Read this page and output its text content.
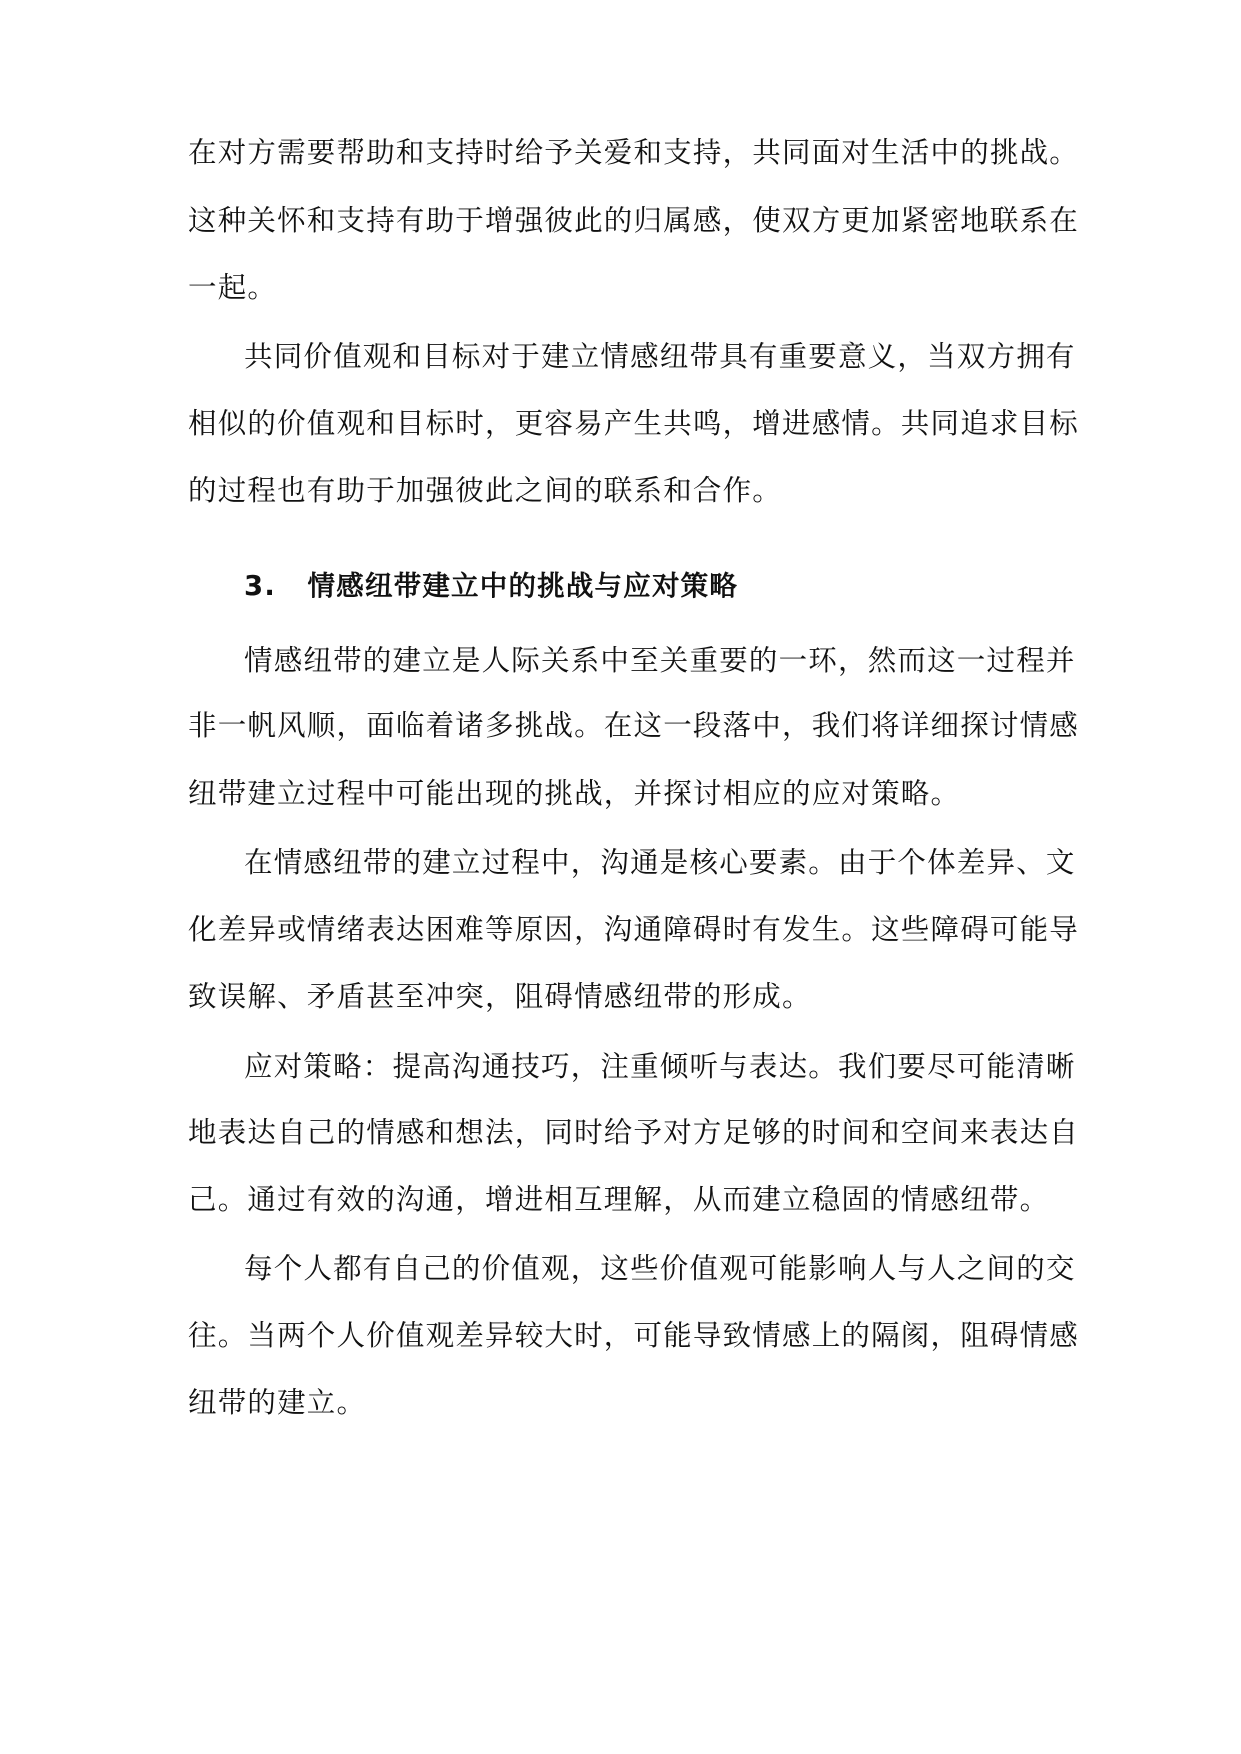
在对方需要帮助和支持时给予关爱和支持，共同面对生活中的挑战。

这种关怀和支持有助于增强彼此的归属感，使双方更加紧密地联系在

一起。

共同价值观和目标对于建立情感纽带具有重要意义，当双方拥有

相似的价值观和目标时，更容易产生共鸣，增进感情。共同追求目标

的过程也有助于加强彼此之间的联系和合作。

3. 情感纽带建立中的挑战与应对策略

情感纽带的建立是人际关系中至关重要的一环，然而这一过程并

非一帆风顺，面临着诸多挑战。在这一段落中，我们将详细探讨情感

纽带建立过程中可能出现的挑战，并探讨相应的应对策略。

在情感纽带的建立过程中，沟通是核心要素。由于个体差异、文

化差异或情绪表达困难等原因，沟通障碍时有发生。这些障碍可能导

致误解、矛盾甚至冲突，阻碍情感纽带的形成。

应对策略：提高沟通技巧，注重倾听与表达。我们要尽可能清晰

地表达自己的情感和想法，同时给予对方足够的时间和空间来表达自

己。通过有效的沟通，增进相互理解，从而建立稳固的情感纽带。

每个人都有自己的价值观，这些价值观可能影响人与人之间的交

往。当两个人价值观差异较大时，可能导致情感上的隔阂，阻碍情感

纽带的建立。
